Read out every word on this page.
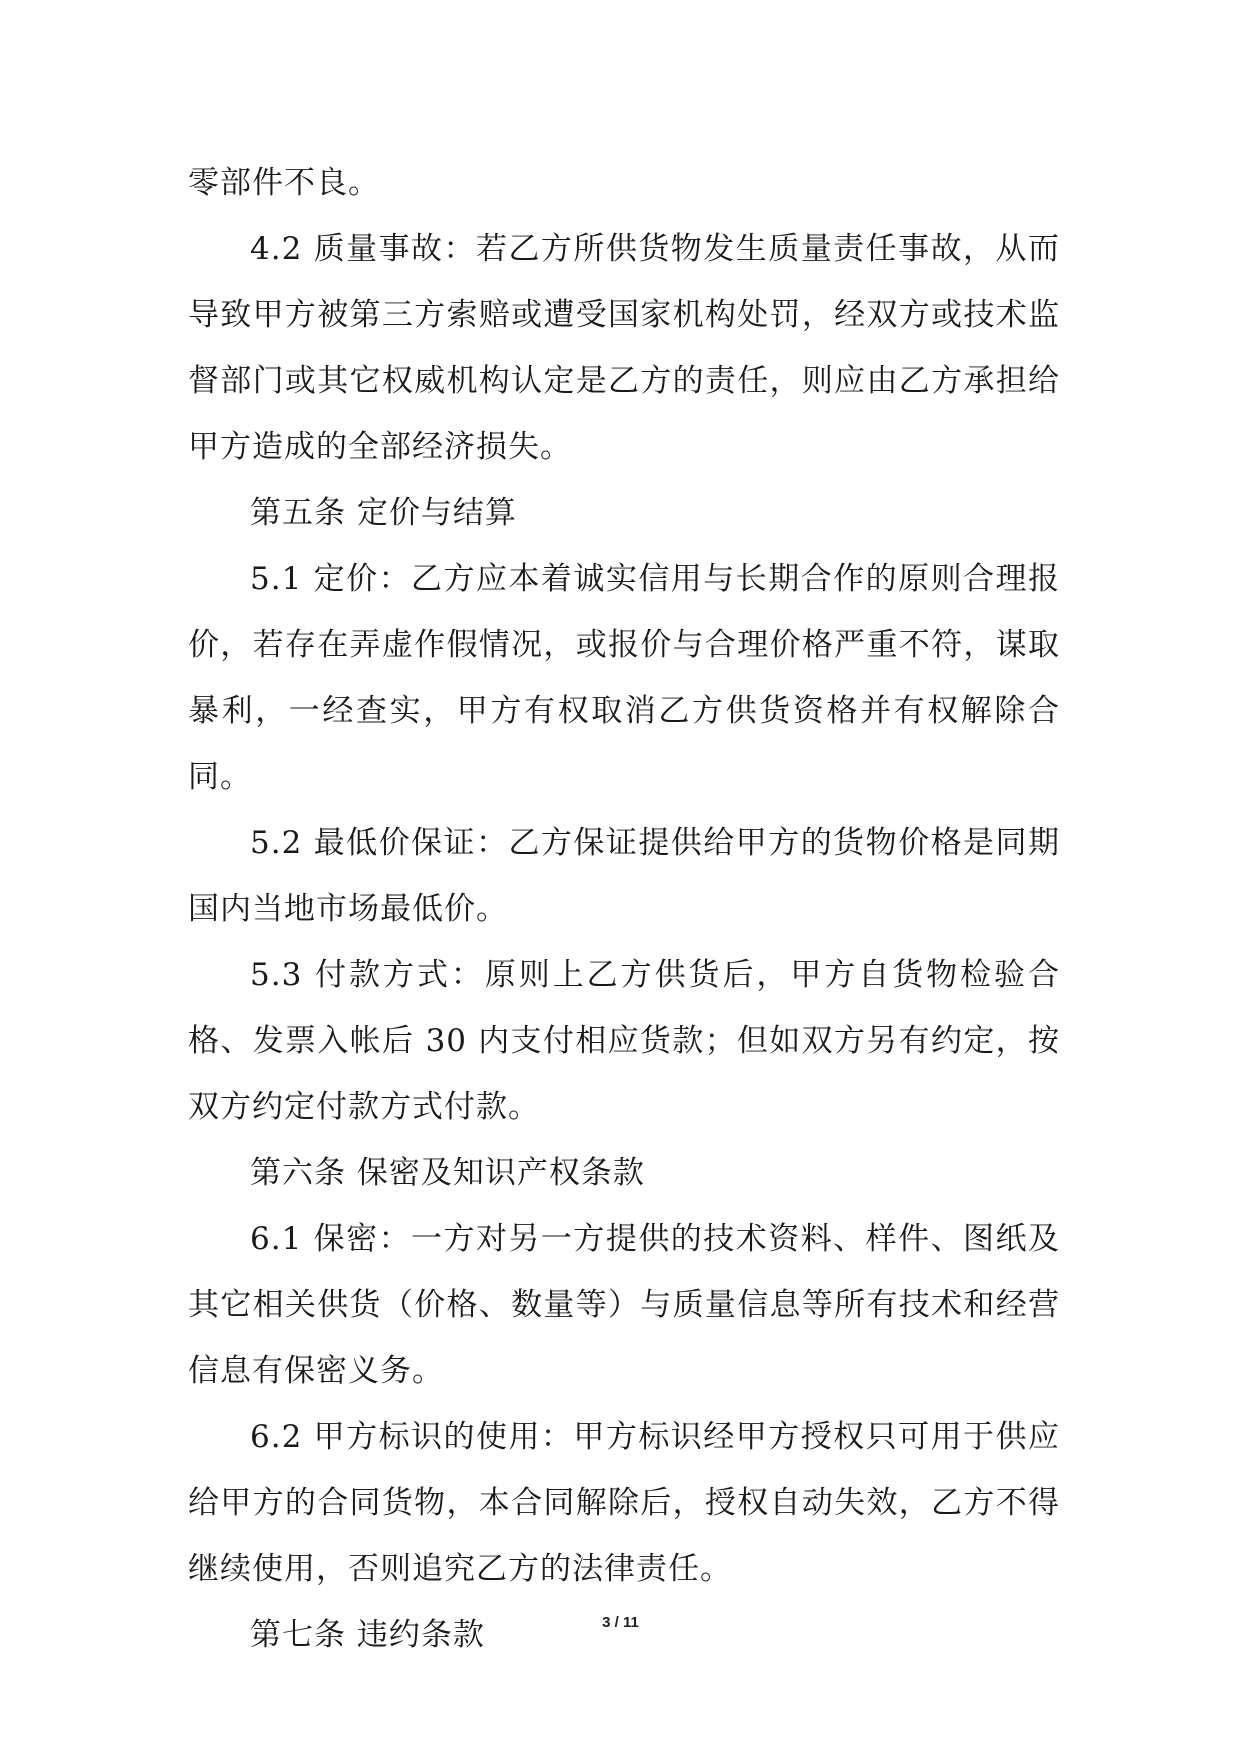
零部件不良。

4.2 质量事故：若乙方所供货物发生质量责任事故，从而导致甲方被第三方索赔或遭受国家机构处罚，经双方或技术监督部门或其它权威机构认定是乙方的责任，则应由乙方承担给甲方造成的全部经济损失。

第五条 定价与结算

5.1 定价：乙方应本着诚实信用与长期合作的原则合理报价，若存在弄虚作假情况，或报价与合理价格严重不符，谋取暴利，一经查实，甲方有权取消乙方供货资格并有权解除合同。

5.2 最低价保证：乙方保证提供给甲方的货物价格是同期国内当地市场最低价。

5.3 付款方式：原则上乙方供货后，甲方自货物检验合格、发票入帐后 30 内支付相应货款；但如双方另有约定，按双方约定付款方式付款。

第六条 保密及知识产权条款

6.1 保密：一方对另一方提供的技术资料、样件、图纸及其它相关供货（价格、数量等）与质量信息等所有技术和经营信息有保密义务。

6.2 甲方标识的使用：甲方标识经甲方授权只可用于供应给甲方的合同货物，本合同解除后，授权自动失效，乙方不得继续使用，否则追究乙方的法律责任。

第七条 违约条款	3 / 11
